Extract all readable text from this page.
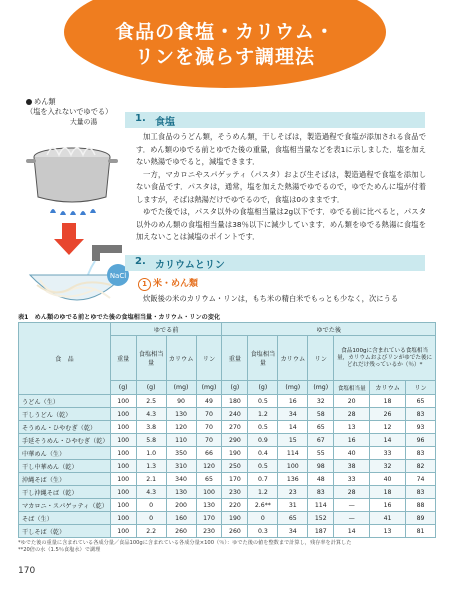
食品の食塩・カリウム・
リンを減らす調理法
めん類
（塩を入れないでゆでる）
大量の湯
NaCl
1. 食塩

加工食品のうどん類，そうめん類，干しそばは，製造過程で食塩が添加される食品です．めん類のゆでる前とゆでた後の重量，食塩相当量などを表1に示しました．塩を加えない熱湯でゆでると，減塩できます．

一方，マカロニやスパゲッティ（パスタ）および生そばは，製造過程で食塩を添加しない食品です．パスタは，通常，塩を加えた熱湯でゆでるので，ゆでためんに塩が付着しますが，そばは熱湯だけでゆでるので，食塩は0のままです．

ゆでた後では，パスタ以外の食塩相当量は2g以下です．ゆでる前に比べると，パスタ以外のめん類の食塩相当量は38％以下に減少しています．めん類をゆでる熱湯に食塩を加えないことは減塩のポイントです．

2. カリウムとリン
1 米・めん類

炊飯後の米のカリウム・リンは，もち米の精白米でもっとも少なく，次にうる

表1　めん類のゆでる前とゆでた後の食塩相当量・カリウム・リンの変化
食　品	ゆでる前				ゆでた後						
	重量	食塩相当量	カリウム	リン	重量	食塩相当量	カリウム	リン	食品100gに含まれている食塩相当量，カリウムおよびリンがゆでた後にどれだけ残っているか（％）*		
	(g)	(g)	(mg)	(mg)	(g)	(g)	(mg)	(mg)	食塩相当量	カリウム	リン
うどん（生）	100	2.5	90	49	180	0.5	16	32	20	18	65
干しうどん（乾）	100	4.3	130	70	240	1.2	34	58	28	26	83
そうめん・ひやむぎ（乾）	100	3.8	120	70	270	0.5	14	65	13	12	93
手延そうめん・ひやむぎ（乾）	100	5.8	110	70	290	0.9	15	67	16	14	96
中華めん（生）	100	1.0	350	66	190	0.4	114	55	40	33	83
干し中華めん（乾）	100	1.3	310	120	250	0.5	100	98	38	32	82
沖縄そば（生）	100	2.1	340	65	170	0.7	136	48	33	40	74
干し沖縄そば（乾）	100	4.3	130	100	230	1.2	23	83	28	18	83
マカロニ・スパゲッティ（乾）	100	0	200	130	220	2.6**	31	114	—	16	88
そば（生）	100	0	160	170	190	0	65	152	—	41	89
干しそば（乾）	100	2.2	260	230	260	0.3	34	187	14	13	81
*ゆでた後の重量に含まれている各成分量／食品100gに含まれている各成分量×100（％）：ゆでた後の値を整数まで計算し，残存率を計算した
**20倍の水（1.5％食塩水）で調理
170
